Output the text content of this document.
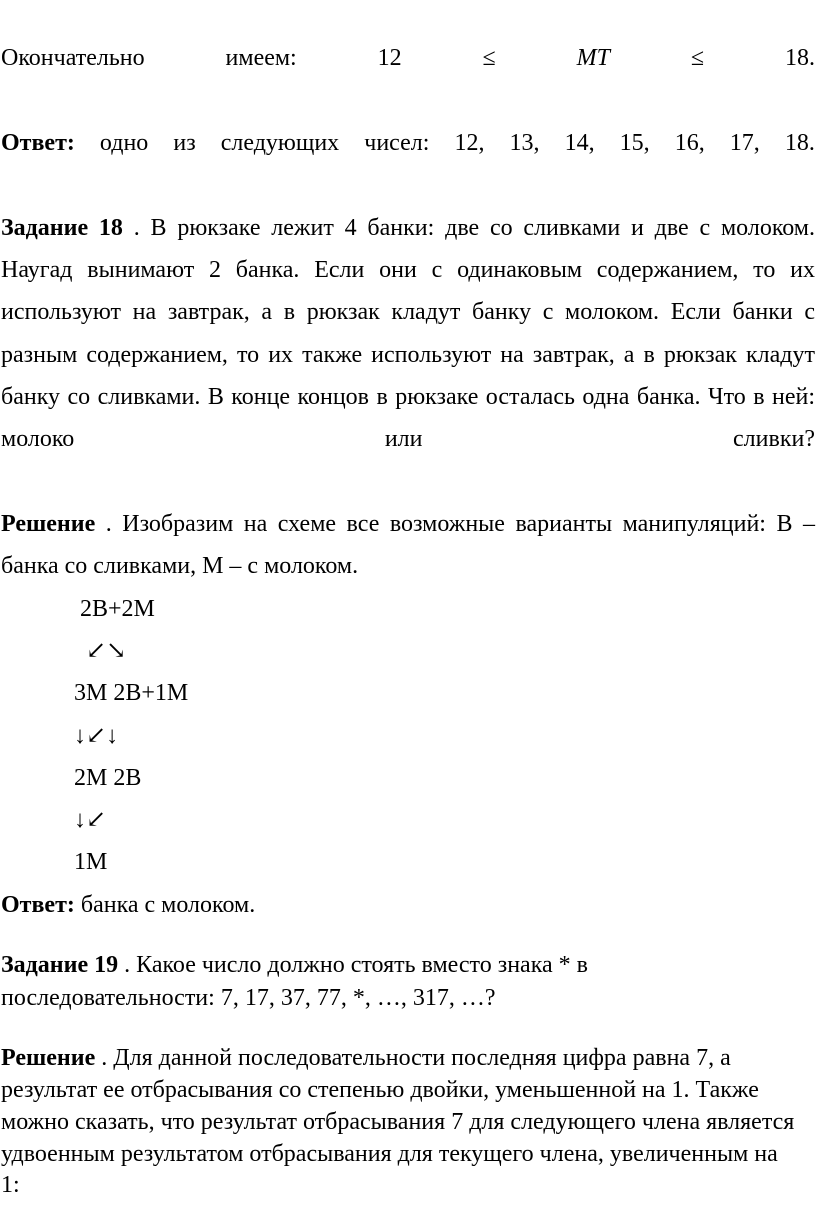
Окончательно	имеем:	12	≤	MT	≤	18.
Ответ: одно из следующих чисел: 12, 13, 14, 15, 16, 17, 18.
Задание 18 . В рюкзаке лежит 4 банки: две со сливками и две с молоком.
Наугад вынимают 2 банка. Если они с одинаковым содержанием, то их
используют на завтрак, а в рюкзак кладут банку с молоком. Если банки с
разным содержанием, то их также используют на завтрак, а в рюкзак кладут
банку со сливками. В конце концов в рюкзаке осталась одна банка. Что в ней:
молоко	или	сливки?
Решение . Изобразим на схеме все возможные варианты манипуляций: В –
банка со сливками, М – с молоком.
2В+2М
↙↘
3М 2В+1М
↓↙↓
2М 2В
↓↙
1М
Ответ: банка с молоком.
Задание 19 . Какое число должно стоять вместо знака * в
последовательности: 7, 17, 37, 77, *, …, 317, …?
Решение . Для данной последовательности последняя цифра равна 7, а
результат ее отбрасывания со степенью двойки, уменьшенной на 1. Также
можно сказать, что результат отбрасывания 7 для следующего члена является
удвоенным результатом отбрасывания для текущего члена, увеличенным на
1:
